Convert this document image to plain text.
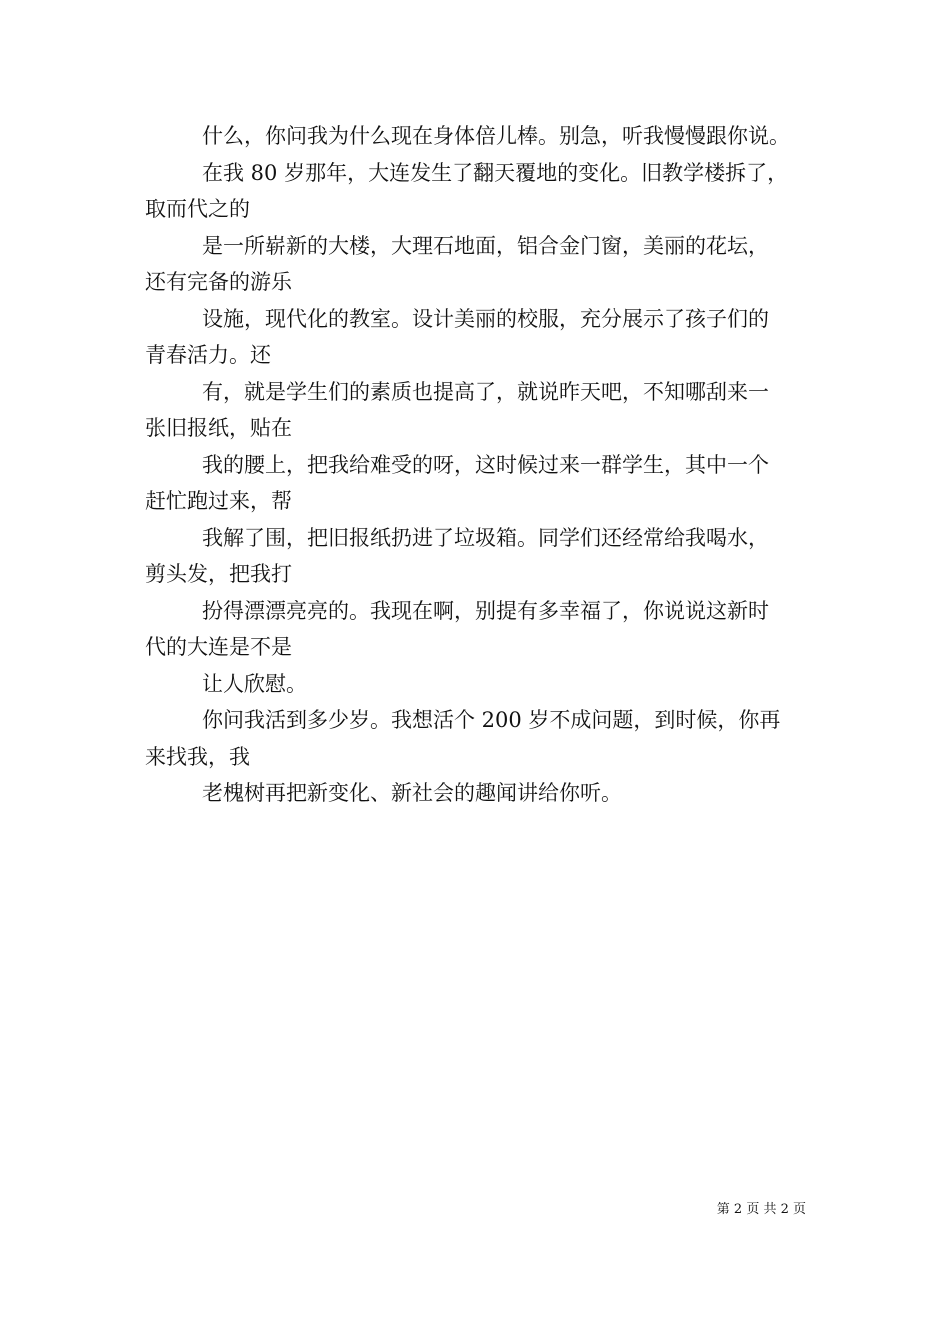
什么，你问我为什么现在身体倍儿棒。别急，听我慢慢跟你说。

在我 80 岁那年，大连发生了翻天覆地的变化。旧教学楼拆了，
取而代之的

是一所崭新的大楼，大理石地面，铝合金门窗，美丽的花坛，
还有完备的游乐

设施，现代化的教室。设计美丽的校服，充分展示了孩子们的
青春活力。还

有，就是学生们的素质也提高了，就说昨天吧，不知哪刮来一
张旧报纸，贴在

我的腰上，把我给难受的呀，这时候过来一群学生，其中一个
赶忙跑过来，帮

我解了围，把旧报纸扔进了垃圾箱。同学们还经常给我喝水，
剪头发，把我打

扮得漂漂亮亮的。我现在啊，别提有多幸福了，你说说这新时
代的大连是不是

让人欣慰。

你问我活到多少岁。我想活个 200 岁不成问题，到时候，你再
来找我，我

老槐树再把新变化、新社会的趣闻讲给你听。

第 2 页 共 2 页
